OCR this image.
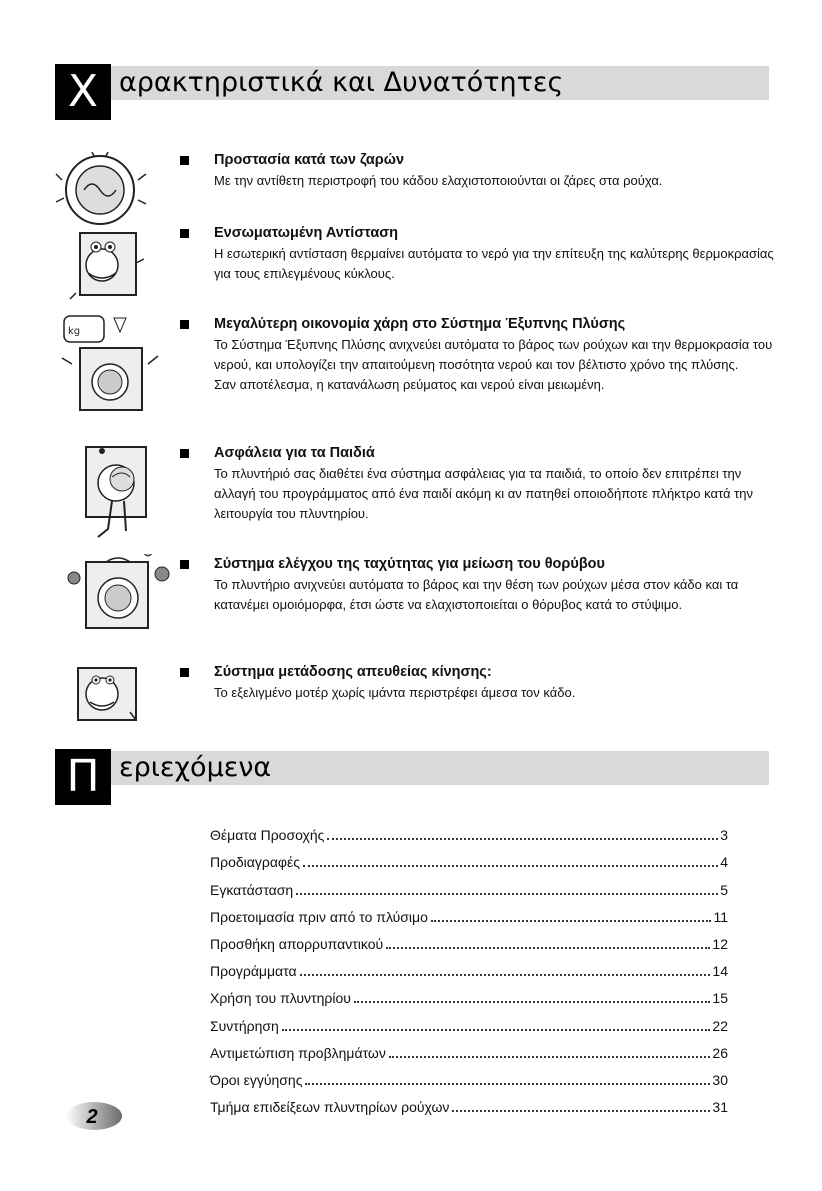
Χ αρακτηριστικά και Δυνατότητες
Προστασία κατά των ζαρών

Με την αντίθετη περιστροφή του κάδου ελαχιστοποιούνται οι ζάρες στα ρούχα.

Ενσωματωμένη Αντίσταση

Η εσωτερική αντίσταση θερμαίνει αυτόματα το νερό για την επίτευξη της καλύτερης θερμοκρασίας για τους επιλεγμένους κύκλους.

kg	Μεγαλύτερη οικονομία χάρη στο Σύστημα Έξυπνης Πλύσης

Το Σύστημα Έξυπνης Πλύσης ανιχνεύει αυτόματα το βάρος των ρούχων και την θερμοκρασία του νερού, και υπολογίζει την απαιτούμενη ποσότητα νερού και τον βέλτιστο χρόνο της πλύσης.

Σαν αποτέλεσμα, η κατανάλωση ρεύματος και νερού είναι μειωμένη.

Ασφάλεια για τα Παιδιά

Το πλυντήριό σας διαθέτει ένα σύστημα ασφάλειας για τα παιδιά, το οποίο δεν επιτρέπει την αλλαγή του προγράμματος από ένα παιδί ακόμη κι αν πατηθεί οποιοδήποτε πλήκτρο κατά την λειτουργία του πλυντηρίου.

Σύστημα ελέγχου της ταχύτητας για μείωση του θορύβου

Το πλυντήριο ανιχνεύει αυτόματα το βάρος και την θέση των ρούχων μέσα στον κάδο και τα κατανέμει ομοιόμορφα, έτσι ώστε να ελαχιστοποιείται ο θόρυβος κατά το στύψιμο.

Σύστημα μετάδοσης απευθείας κίνησης:

Το εξελιγμένο μοτέρ χωρίς ιμάντα περιστρέφει άμεσα τον κάδο.

Π εριεχόμενα
Θέματα Προσοχής	3
Προδιαγραφές	4
Εγκατάσταση	5
Προετοιμασία πριν από το πλύσιμο	11
Προσθήκη απορρυπαντικού	12
Προγράμματα	14
Χρήση του πλυντηρίου	15
Συντήρηση	22
Αντιμετώπιση προβλημάτων	26
Όροι εγγύησης	30
Τμήμα επιδείξεων πλυντηρίων ρούχων	31
2
